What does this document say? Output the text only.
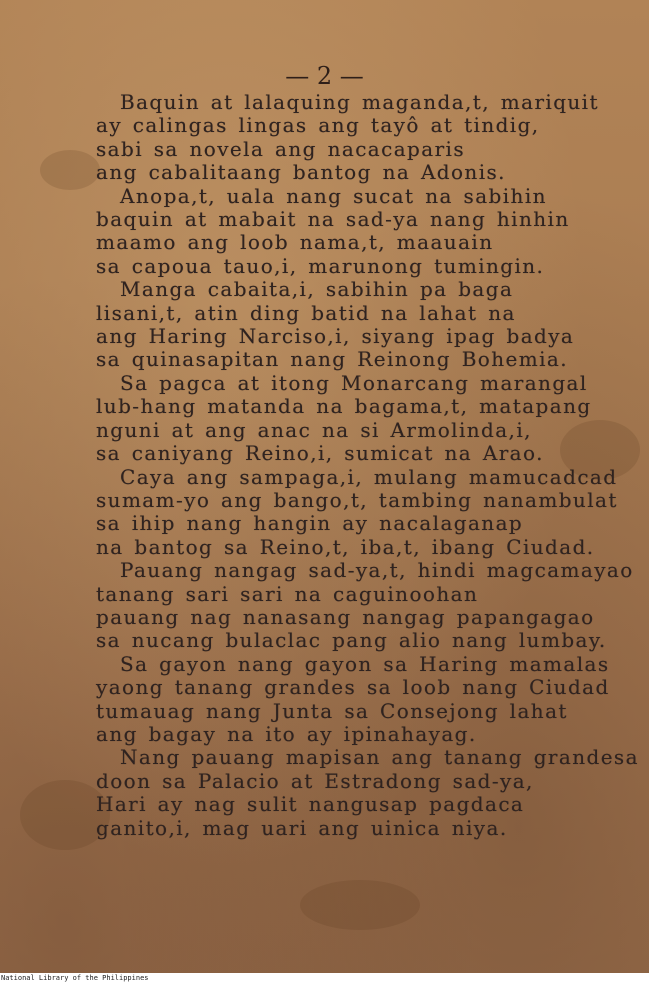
— 2 —
Baquin at lalaquing maganda,t, mariquit
ay calingas lingas ang tayô at tindig,
sabi sa novela ang nacacaparis
ang cabalitaang bantog na Adonis.
Anopa,t, uala nang sucat na sabihin
baquin at mabait na sad-ya nang hinhin
maamo ang loob nama,t, maauain
sa capoua tauo,i, marunong tumingin.
Manga cabaita,i, sabihin pa baga
lisani,t, atin ding batid na lahat na
ang Haring Narciso,i, siyang ipag badya
sa quinasapitan nang Reinong Bohemia.
Sa pagca at itong Monarcang marangal
lub-hang matanda na bagama,t, matapang
nguni at ang anac na si Armolinda,i,
sa caniyang Reino,i, sumicat na Arao.
Caya ang sampaga,i, mulang mamucadcad
sumam-yo ang bango,t, tambing nanambulat
sa ihip nang hangin ay nacalaganap
na bantog sa Reino,t, iba,t, ibang Ciudad.
Pauang nangag sad-ya,t, hindi magcamayao
tanang sari sari na caguinoohan
pauang nag nanasang nangag papangagao
sa nucang bulaclac pang alio nang lumbay.
Sa gayon nang gayon sa Haring mamalas
yaong tanang grandes sa loob nang Ciudad
tumauag nang Junta sa Consejong lahat
ang bagay na ito ay ipinahayag.
Nang pauang mapisan ang tanang grandesa
doon sa Palacio at Estradong sad-ya,
Hari ay nag sulit nangusap pagdaca
ganito,i, mag uari ang uinica niya.
National Library of the Philippines
